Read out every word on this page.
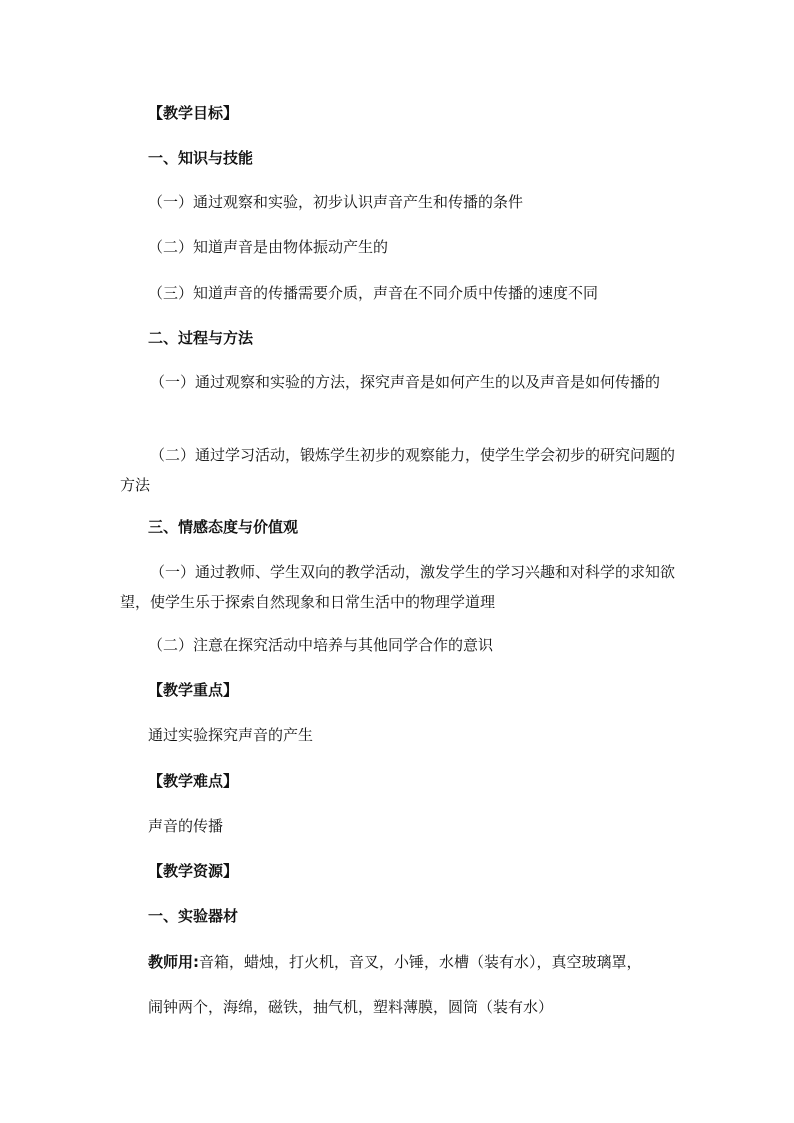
【教学目标】
一、知识与技能
（一）通过观察和实验，初步认识声音产生和传播的条件
（二）知道声音是由物体振动产生的
（三）知道声音的传播需要介质，声音在不同介质中传播的速度不同
二、过程与方法
（一）通过观察和实验的方法，探究声音是如何产生的以及声音是如何传播的
（二）通过学习活动，锻炼学生初步的观察能力，使学生学会初步的研究问题的方法
三、情感态度与价值观
（一）通过教师、学生双向的教学活动，激发学生的学习兴趣和对科学的求知欲望，使学生乐于探索自然现象和日常生活中的物理学道理
（二）注意在探究活动中培养与其他同学合作的意识
【教学重点】
通过实验探究声音的产生
【教学难点】
声音的传播
【教学资源】
一、实验器材
教师用:音箱，蜡烛，打火机，音叉，小锤，水槽（装有水），真空玻璃罩，
闹钟两个，海绵，磁铁，抽气机，塑料薄膜，圆筒（装有水）
